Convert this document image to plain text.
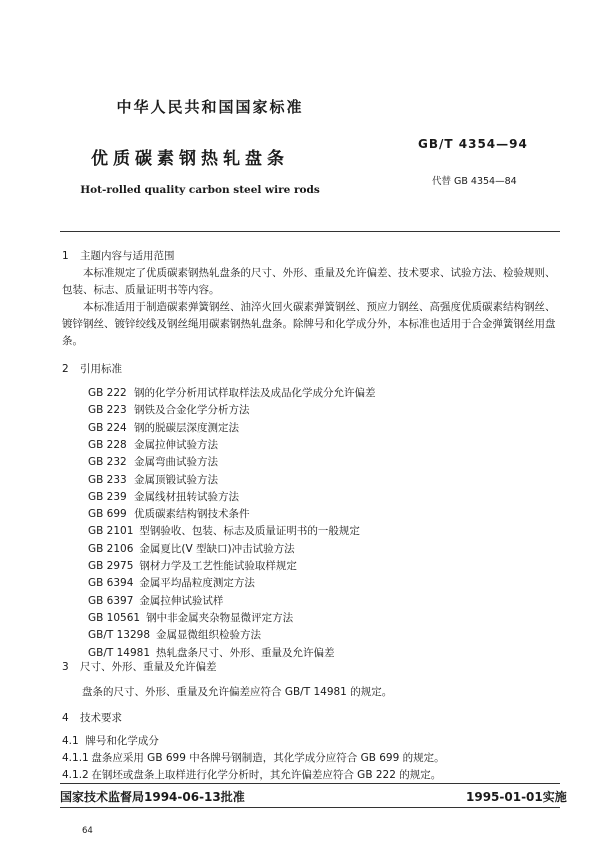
中华人民共和国国家标准
GB/T 4354—94
优质碳素钢热轧盘条
代替 GB 4354—84
Hot-rolled quality carbon steel wire rods
1 主题内容与适用范围
本标准规定了优质碳素钢热轧盘条的尺寸、外形、重量及允许偏差、技术要求、试验方法、检验规则、包装、标志、质量证明书等内容。
本标准适用于制造碳素弹簧钢丝、油淬火回火碳素弹簧钢丝、预应力钢丝、高强度优质碳素结构钢丝、镀锌钢丝、镀锌绞线及钢丝绳用碳素钢热轧盘条。除牌号和化学成分外，本标准也适用于合金弹簧钢丝用盘条。
2 引用标准
GB 222 钢的化学分析用试样取样法及成品化学成分允许偏差
GB 223 钢铁及合金化学分析方法
GB 224 钢的脱碳层深度测定法
GB 228 金属拉伸试验方法
GB 232 金属弯曲试验方法
GB 233 金属顶锻试验方法
GB 239 金属线材扭转试验方法
GB 699 优质碳素结构钢技术条件
GB 2101 型钢验收、包装、标志及质量证明书的一般规定
GB 2106 金属夏比(V 型缺口)冲击试验方法
GB 2975 钢材力学及工艺性能试验取样规定
GB 6394 金属平均晶粒度测定方法
GB 6397 金属拉伸试验试样
GB 10561 钢中非金属夹杂物显微评定方法
GB/T 13298 金属显微组织检验方法
GB/T 14981 热轧盘条尺寸、外形、重量及允许偏差
3 尺寸、外形、重量及允许偏差
盘条的尺寸、外形、重量及允许偏差应符合 GB/T 14981 的规定。
4 技术要求
4.1 牌号和化学成分
4.1.1 盘条应采用 GB 699 中各牌号钢制造，其化学成分应符合 GB 699 的规定。
4.1.2 在钢坯或盘条上取样进行化学分析时，其允许偏差应符合 GB 222 的规定。
国家技术监督局1994-06-13批准	1995-01-01实施
64
